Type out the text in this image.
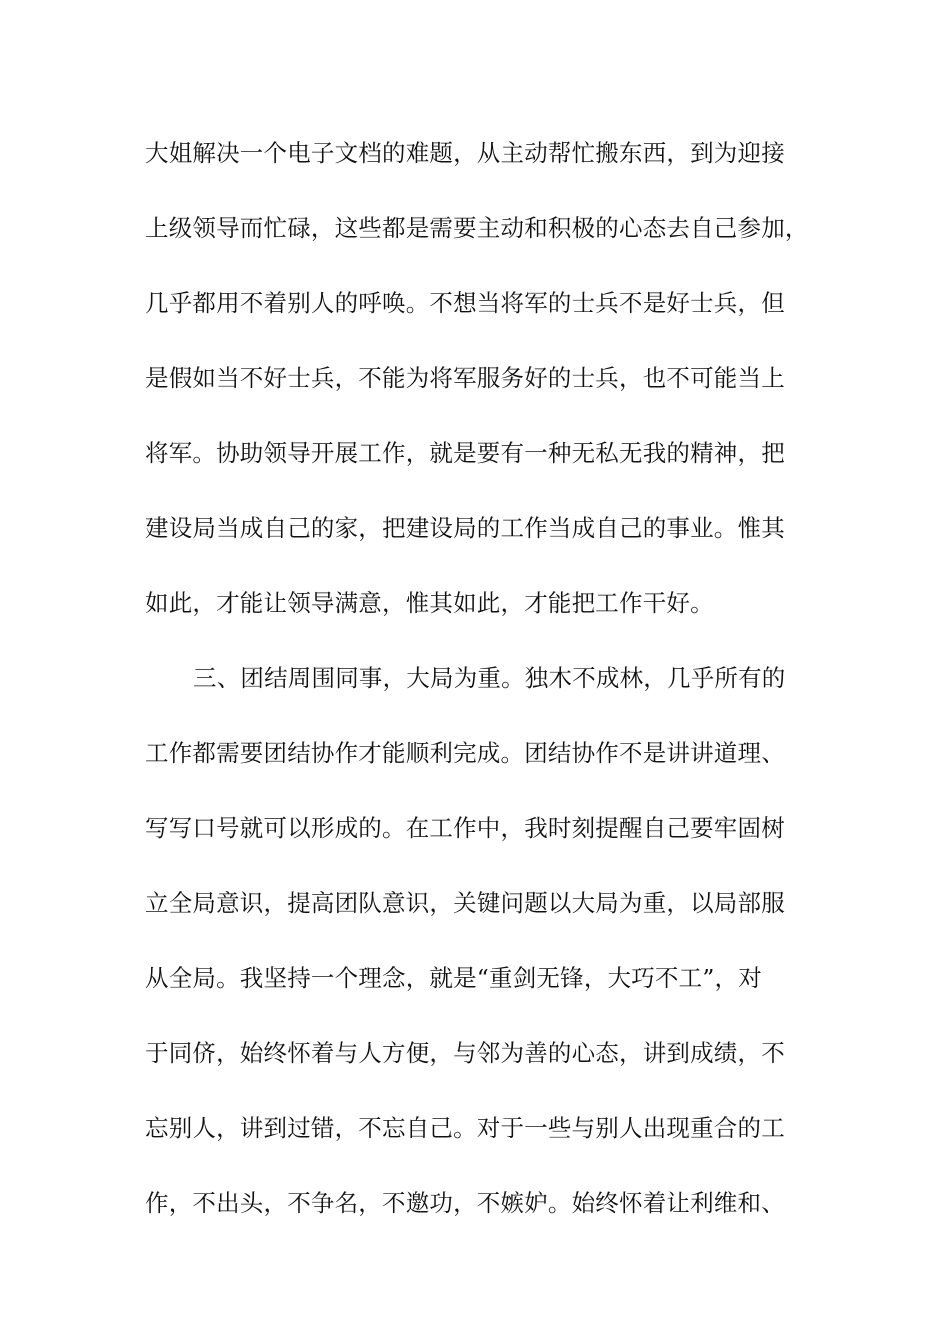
大姐解决一个电子文档的难题，从主动帮忙搬东西，到为迎接
上级领导而忙碌，这些都是需要主动和积极的心态去自己参加，
几乎都用不着别人的呼唤。不想当将军的士兵不是好士兵，但
是假如当不好士兵，不能为将军服务好的士兵，也不可能当上
将军。协助领导开展工作，就是要有一种无私无我的精神，把
建设局当成自己的家，把建设局的工作当成自己的事业。惟其
如此，才能让领导满意，惟其如此，才能把工作干好。
三、团结周围同事，大局为重。独木不成林，几乎所有的
工作都需要团结协作才能顺利完成。团结协作不是讲讲道理、
写写口号就可以形成的。在工作中，我时刻提醒自己要牢固树
立全局意识，提高团队意识，关键问题以大局为重，以局部服
从全局。我坚持一个理念，就是“重剑无锋，大巧不工”，对
于同侪，始终怀着与人方便，与邻为善的心态，讲到成绩，不
忘别人，讲到过错，不忘自己。对于一些与别人出现重合的工
作，不出头，不争名，不邀功，不嫉妒。始终怀着让利维和、
